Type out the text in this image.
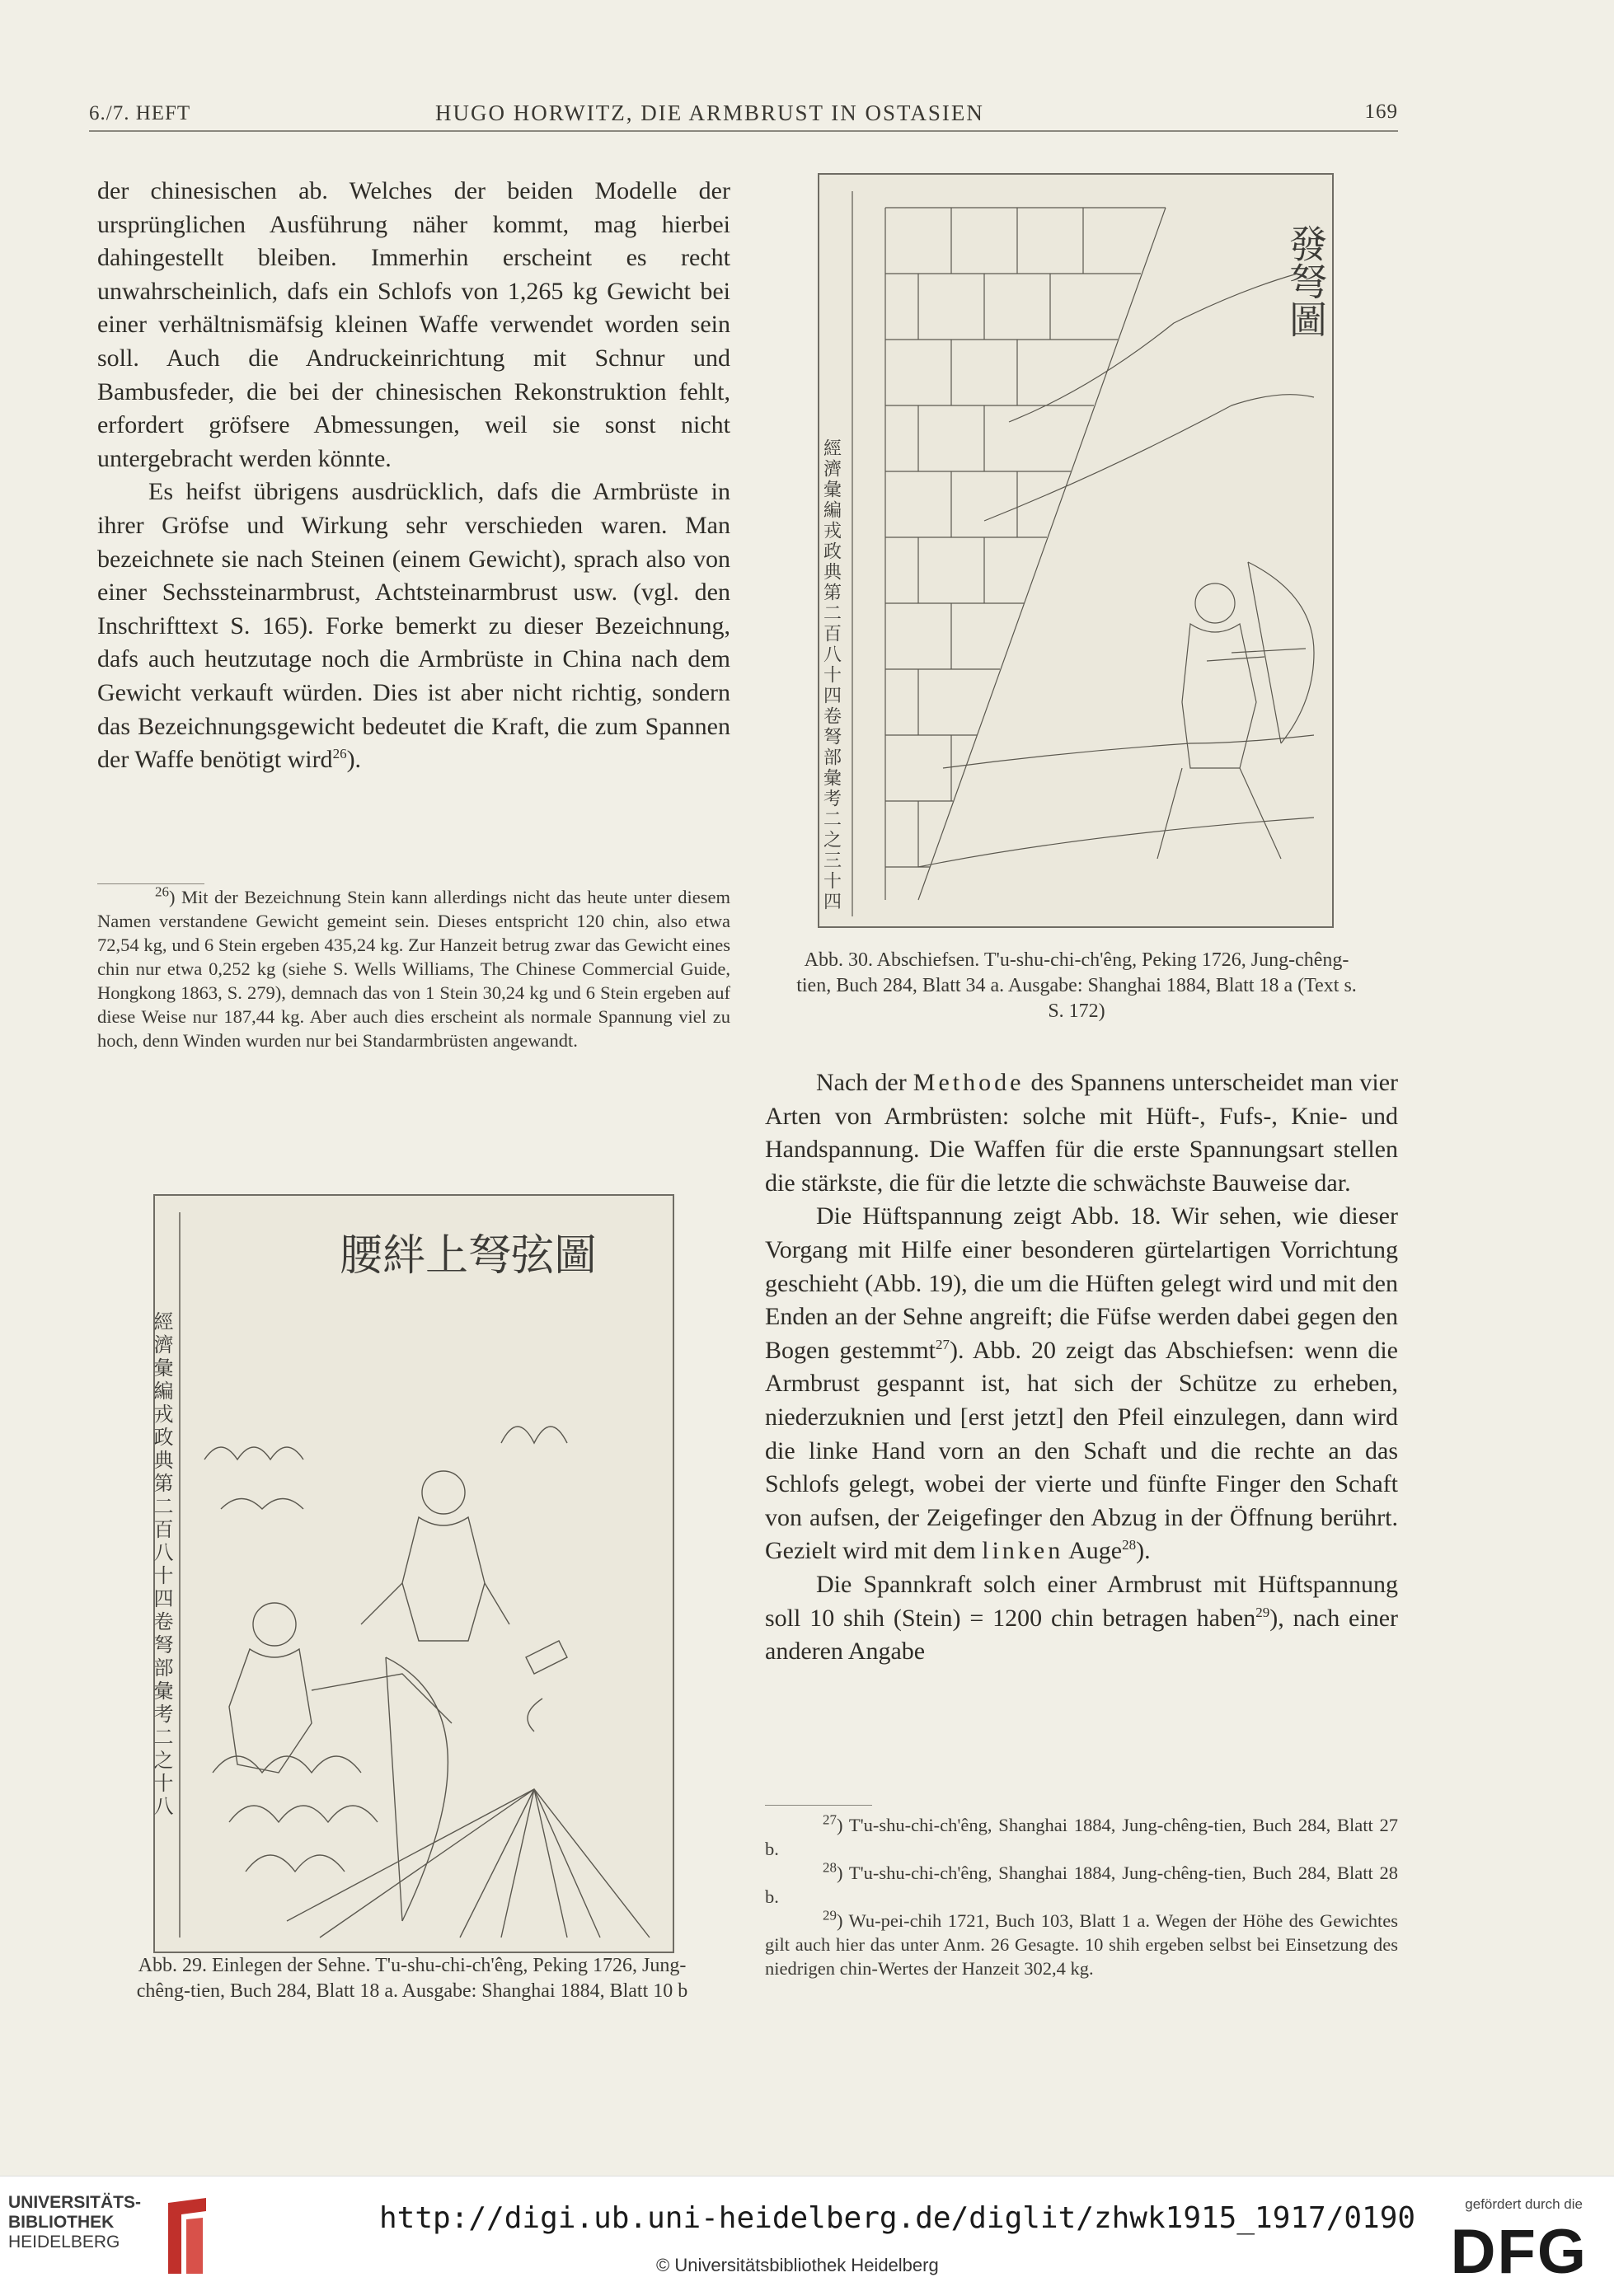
6./7. HEFT	HUGO HORWITZ, DIE ARMBRUST IN OSTASIEN	169

der chinesischen ab. Welches der beiden Modelle der ursprünglichen Ausführung näher kommt, mag hierbei dahingestellt bleiben. Immerhin erscheint es recht unwahrscheinlich, dafs ein Schlofs von 1,265 kg Gewicht bei einer verhältnismäfsig kleinen Waffe verwendet worden sein soll. Auch die Andruckeinrichtung mit Schnur und Bambusfeder, die bei der chinesischen Rekonstruktion fehlt, erfordert gröfsere Abmessungen, weil sie sonst nicht untergebracht werden könnte.

Es heifst übrigens ausdrücklich, dafs die Armbrüste in ihrer Gröfse und Wirkung sehr verschieden waren. Man bezeichnete sie nach Steinen (einem Gewicht), sprach also von einer Sechssteinarmbrust, Achtsteinarmbrust usw. (vgl. den Inschrifttext S. 165). Forke bemerkt zu dieser Bezeichnung, dafs auch heutzutage noch die Armbrüste in China nach dem Gewicht verkauft würden. Dies ist aber nicht richtig, sondern das Bezeichnungsgewicht bedeutet die Kraft, die zum Spannen der Waffe benötigt wird$^{26}$).

$^{26}$) Mit der Bezeichnung Stein kann allerdings nicht das heute unter diesem Namen verstandene Gewicht gemeint sein. Dieses entspricht 120 chin, also etwa 72,54 kg, und 6 Stein ergeben 435,24 kg. Zur Hanzeit betrug zwar das Gewicht eines chin nur etwa 0,252 kg (siehe S. Wells Williams, The Chinese Commercial Guide, Hongkong 1863, S. 279), demnach das von 1 Stein 30,24 kg und 6 Stein ergeben auf diese Weise nur 187,44 kg. Aber auch dies erscheint als normale Spannung viel zu hoch, denn Winden wurden nur bei Standarmbrüsten angewandt.

腰絆上弩弦圖
經濟彙編戎政典第二百八十四卷弩部彙考二之十八
Abb. 29. Einlegen der Sehne. T'u-shu-chi-ch'êng, Peking 1726, Jung-chêng-tien, Buch 284, Blatt 18 a. Ausgabe: Shanghai 1884, Blatt 10 b
發弩圖
經濟彙編戎政典第二百八十四卷弩部彙考二之三十四
Abb. 30. Abschiefsen. T'u-shu-chi-ch'êng, Peking 1726, Jung-chêng-tien, Buch 284, Blatt 34 a. Ausgabe: Shanghai 1884, Blatt 18 a (Text s. S. 172)

Nach der Methode des Spannens unterscheidet man vier Arten von Armbrüsten: solche mit Hüft-, Fufs-, Knie- und Handspannung. Die Waffen für die erste Spannungsart stellen die stärkste, die für die letzte die schwächste Bauweise dar.

Die Hüftspannung zeigt Abb. 18. Wir sehen, wie dieser Vorgang mit Hilfe einer besonderen gürtelartigen Vorrichtung geschieht (Abb. 19), die um die Hüften gelegt wird und mit den Enden an der Sehne angreift; die Füfse werden dabei gegen den Bogen gestemmt$^{27}$). Abb. 20 zeigt das Abschiefsen: wenn die Armbrust gespannt ist, hat sich der Schütze zu erheben, niederzuknien und [erst jetzt] den Pfeil einzulegen, dann wird die linke Hand vorn an den Schaft und die rechte an das Schlofs gelegt, wobei der vierte und fünfte Finger den Schaft von aufsen, der Zeigefinger den Abzug in der Öffnung berührt. Gezielt wird mit dem linken Auge$^{28}$).

Die Spannkraft solch einer Armbrust mit Hüftspannung soll 10 shih (Stein) = 1200 chin betragen haben$^{29}$), nach einer anderen Angabe

$^{27}$) T'u-shu-chi-ch'êng, Shanghai 1884, Jung-chêng-tien, Buch 284, Blatt 27 b.

$^{28}$) T'u-shu-chi-ch'êng, Shanghai 1884, Jung-chêng-tien, Buch 284, Blatt 28 b.

$^{29}$) Wu-pei-chih 1721, Buch 103, Blatt 1 a. Wegen der Höhe des Gewichtes gilt auch hier das unter Anm. 26 Gesagte. 10 shih ergeben selbst bei Einsetzung des niedrigen chin-Wertes der Hanzeit 302,4 kg.

UNIVERSITÄTS-
BIBLIOTHEK
HEIDELBERG
http://digi.ub.uni-heidelberg.de/diglit/zhwk1915_1917/0190
© Universitätsbibliothek Heidelberg
gefördert durch die
DFG
